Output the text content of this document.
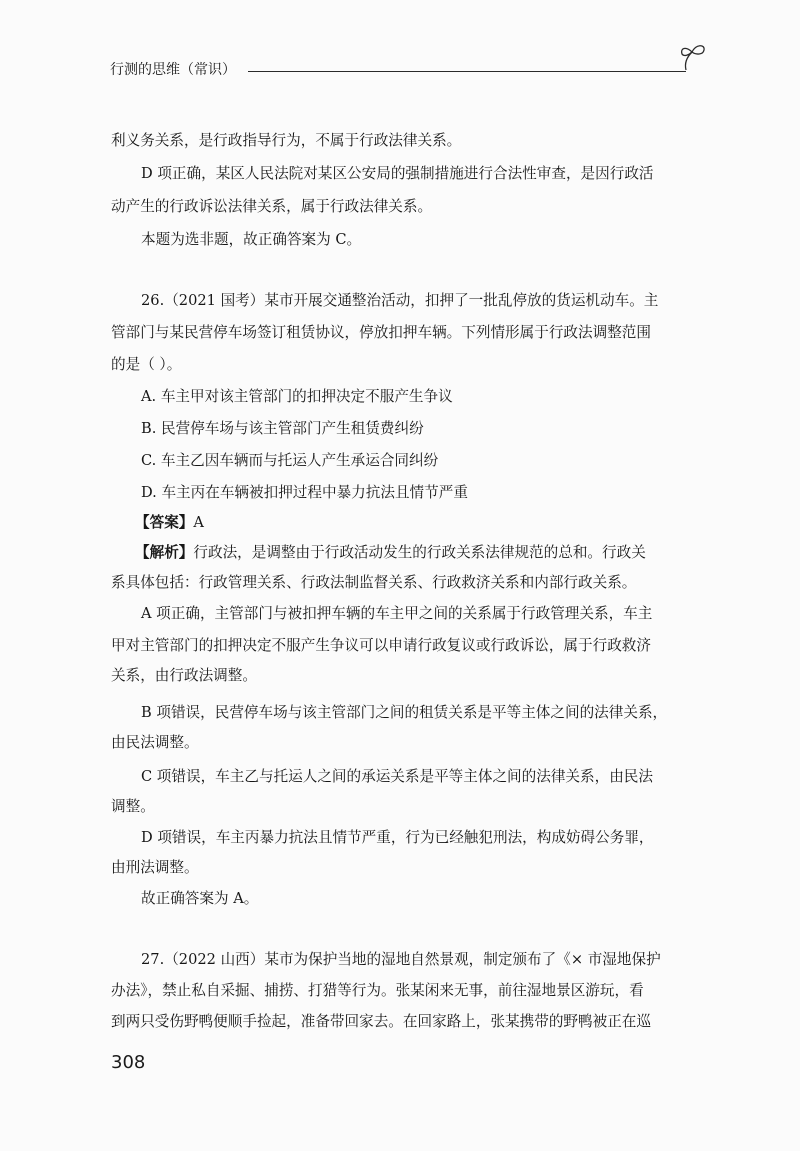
行测的思维（常识）
利义务关系，是行政指导行为，不属于行政法律关系。
D 项正确，某区人民法院对某区公安局的强制措施进行合法性审查，是因行政活
动产生的行政诉讼法律关系，属于行政法律关系。
本题为选非题，故正确答案为 C。
26.（2021 国考）某市开展交通整治活动，扣押了一批乱停放的货运机动车。主
管部门与某民营停车场签订租赁协议，停放扣押车辆。下列情形属于行政法调整范围
的是（ ）。
A. 车主甲对该主管部门的扣押决定不服产生争议
B. 民营停车场与该主管部门产生租赁费纠纷
C. 车主乙因车辆而与托运人产生承运合同纠纷
D. 车主丙在车辆被扣押过程中暴力抗法且情节严重
【答案】A
【解析】行政法，是调整由于行政活动发生的行政关系法律规范的总和。行政关
系具体包括：行政管理关系、行政法制监督关系、行政救济关系和内部行政关系。
A 项正确，主管部门与被扣押车辆的车主甲之间的关系属于行政管理关系，车主
甲对主管部门的扣押决定不服产生争议可以申请行政复议或行政诉讼，属于行政救济
关系，由行政法调整。
B 项错误，民营停车场与该主管部门之间的租赁关系是平等主体之间的法律关系，
由民法调整。
C 项错误，车主乙与托运人之间的承运关系是平等主体之间的法律关系，由民法
调整。
D 项错误，车主丙暴力抗法且情节严重，行为已经触犯刑法，构成妨碍公务罪，
由刑法调整。
故正确答案为 A。
27.（2022 山西）某市为保护当地的湿地自然景观，制定颁布了《× 市湿地保护
办法》，禁止私自采掘、捕捞、打猎等行为。张某闲来无事，前往湿地景区游玩，看
到两只受伤野鸭便顺手捡起，准备带回家去。在回家路上，张某携带的野鸭被正在巡
308
